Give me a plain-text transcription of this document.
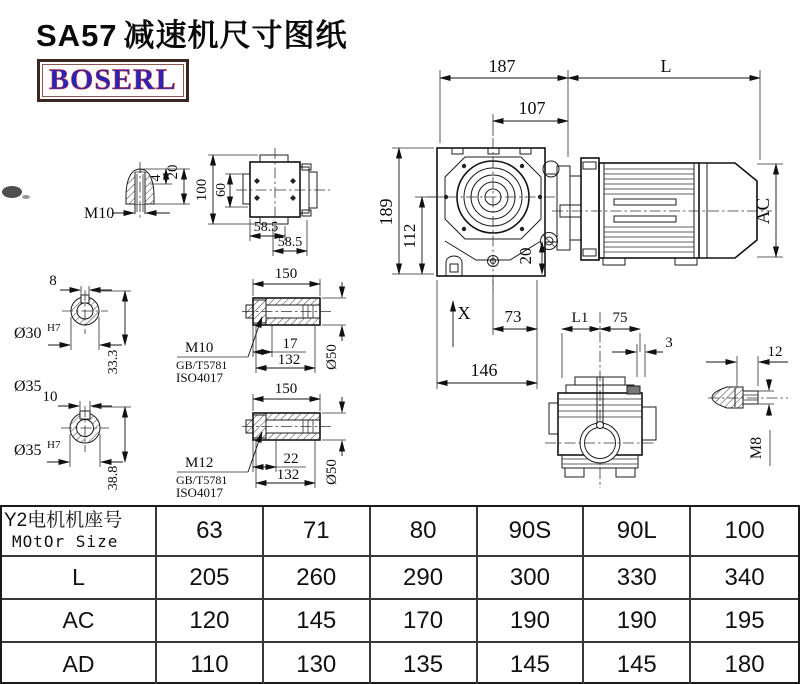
SA57 减速机尺寸图纸
BOSERL	187	L
107
189
112
AC
20
73
146
X
M10
4 20
100 60
58.5
58.5
8
Ø30 H7
33.3
Ø35
150
Ø50
17
132
M10
GB/T5781
ISO4017
10
Ø35 H7
38.8
150
Ø50
22
132
M12
GB/T5781
ISO4017
L1 75
3
12
M8
Y2电机机座号
MOtOr Size	63	71	80	90S	90L	100
L	205	260	290	300	330	340
AC	120	145	170	190	190	195
AD	110	130	135	145	145	180
